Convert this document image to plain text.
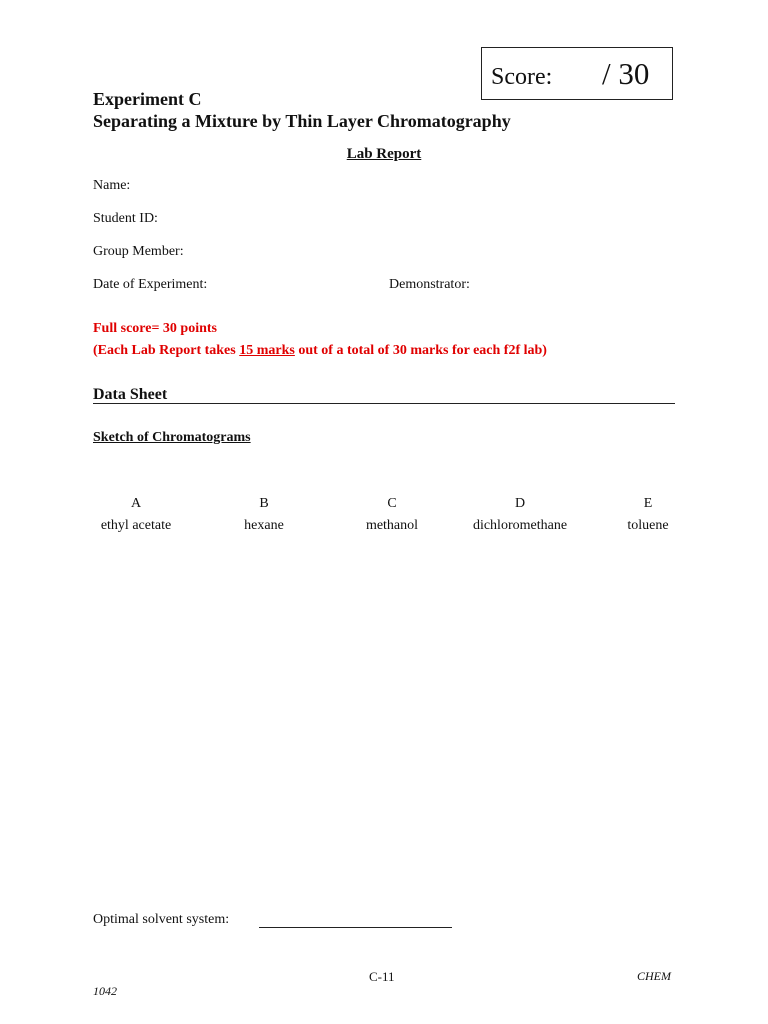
Score: / 30
Experiment C
Separating a Mixture by Thin Layer Chromatography
Lab Report
Name:
Student ID:
Group Member:
Date of Experiment:	Demonstrator:
Full score= 30 points
(Each Lab Report takes 15 marks out of a total of 30 marks for each f2f lab)
Data Sheet
Sketch of Chromatograms
A
ethyl acetate
B
hexane
C
methanol
D
dichloromethane
E
toluene
Optimal solvent system:
C-11	CHEM
1042
